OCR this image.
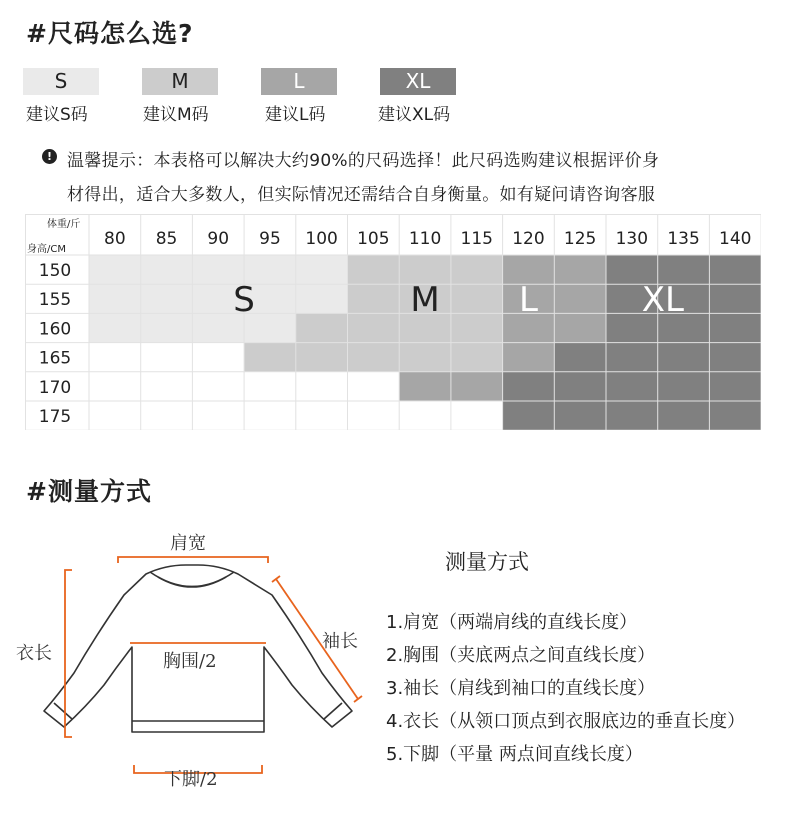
#尺码怎么选?
S
建议S码
M
建议M码
L
建议L码
XL
建议XL码
! 温馨提示：本表格可以解决大约90%的尺码选择！此尺码选购建议根据评价身
材得出，适合大多数人，但实际情况还需结合自身衡量。如有疑问请咨询客服
体重/斤
身高/CM
80 85 90 95 100 105 110 115 120 125 130 135 140
150
155
160
165
170
175
S	M L	XL
#测量方式
肩宽
衣长
袖长
胸围/2
下脚/2
测量方式
1.肩宽（两端肩线的直线长度）
2.胸围（夹底两点之间直线长度）
3.袖长（肩线到袖口的直线长度）
4.衣长（从领口顶点到衣服底边的垂直长度）
5.下脚（平量 两点间直线长度）
